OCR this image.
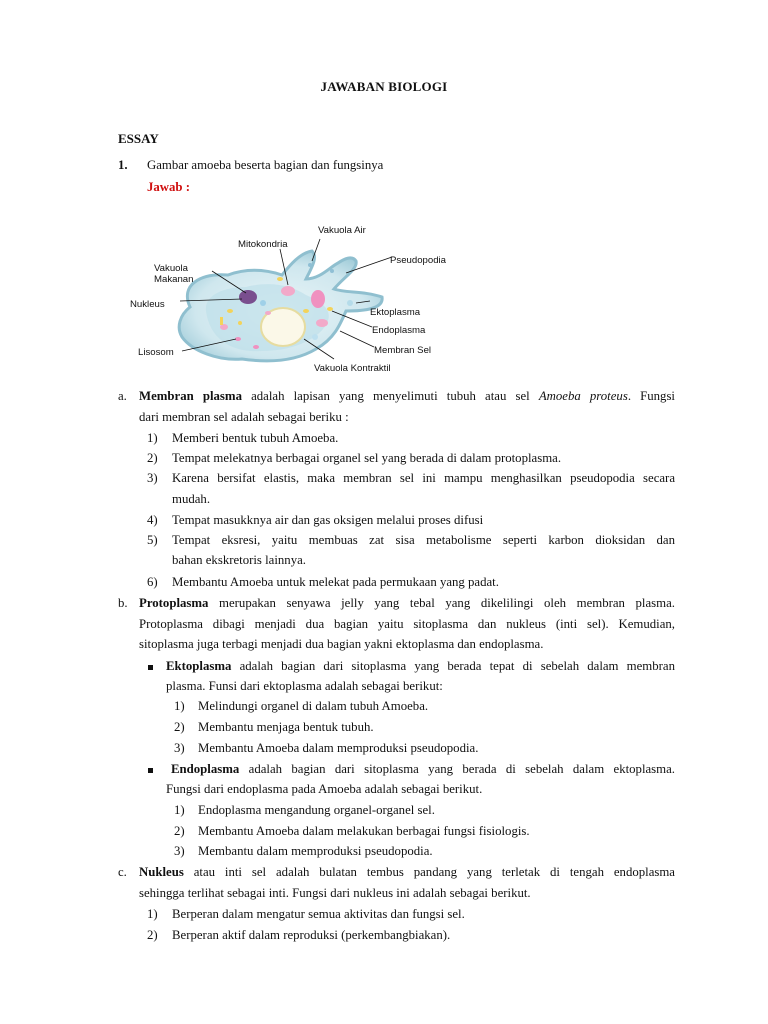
JAWABAN BIOLOGI
ESSAY
1. Gambar amoeba beserta bagian dan fungsinya
Jawab :
Vakuola Air
Mitokondria
Pseudopodia
Vakuola
Makanan
Nukleus
Ektoplasma
Endoplasma
Membran Sel
Lisosom
Vakuola Kontraktil
a. Membran plasma adalah lapisan yang menyelimuti tubuh atau sel Amoeba proteus. Fungsi
dari membran sel adalah sebagai beriku :
1) Memberi bentuk tubuh Amoeba.
2) Tempat melekatnya berbagai organel sel yang berada di dalam protoplasma.
3) Karena bersifat elastis, maka membran sel ini mampu menghasilkan pseudopodia secara
mudah.
4) Tempat masukknya air dan gas oksigen melalui proses difusi
5) Tempat eksresi, yaitu membuas zat sisa metabolisme seperti karbon dioksidan dan
bahan ekskretoris lainnya.
6) Membantu Amoeba untuk melekat pada permukaan yang padat.
b. Protoplasma merupakan senyawa jelly yang tebal yang dikelilingi oleh membran plasma.
Protoplasma dibagi menjadi dua bagian yaitu sitoplasma dan nukleus (inti sel). Kemudian,
sitoplasma juga terbagi menjadi dua bagian yakni ektoplasma dan endoplasma.
Ektoplasma adalah bagian dari sitoplasma yang berada tepat di sebelah dalam membran
plasma. Funsi dari ektoplasma adalah sebagai berikut:
1) Melindungi organel di dalam tubuh Amoeba.
2) Membantu menjaga bentuk tubuh.
3) Membantu Amoeba dalam memproduksi pseudopodia.
Endoplasma adalah bagian dari sitoplasma yang berada di sebelah dalam ektoplasma.
Fungsi dari endoplasma pada Amoeba adalah sebagai berikut.
1) Endoplasma mengandung organel-organel sel.
2) Membantu Amoeba dalam melakukan berbagai fungsi fisiologis.
3) Membantu dalam memproduksi pseudopodia.
c. Nukleus atau inti sel adalah bulatan tembus pandang yang terletak di tengah endoplasma
sehingga terlihat sebagai inti. Fungsi dari nukleus ini adalah sebagai berikut.
1) Berperan dalam mengatur semua aktivitas dan fungsi sel.
2) Berperan aktif dalam reproduksi (perkembangbiakan).
